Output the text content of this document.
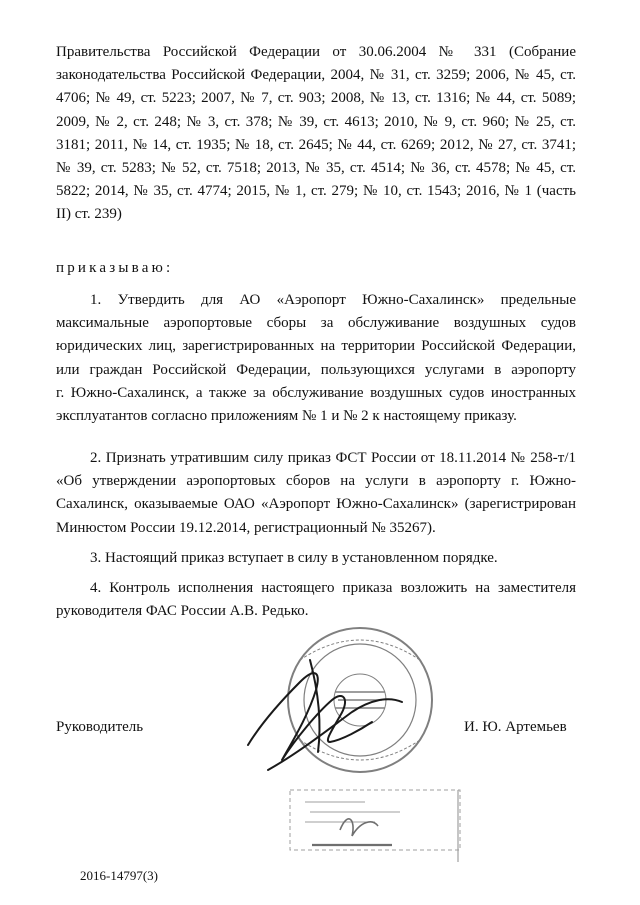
Правительства Российской Федерации от 30.06.2004 № 331 (Собрание
законодательства Российской Федерации, 2004, № 31, ст. 3259; 2006, № 45, ст.
4706; № 49, ст. 5223; 2007, № 7, ст. 903; 2008, № 13, ст. 1316; № 44, ст. 5089;
2009, № 2, ст. 248; № 3, ст. 378; № 39, ст. 4613; 2010, № 9, ст. 960; № 25, ст.
3181; 2011, № 14, ст. 1935; № 18, ст. 2645; № 44, ст. 6269; 2012, № 27, ст. 3741;
№ 39, ст. 5283; № 52, ст. 7518; 2013, № 35, ст. 4514; № 36, ст. 4578; № 45, ст.
5822; 2014, № 35, ст. 4774; 2015, № 1, ст. 279; № 10, ст. 1543; 2016, № 1 (часть
II) ст. 239)

приказываю:

1. Утвердить для АО «Аэропорт Южно-Сахалинск» предельные
максимальные аэропортовые сборы за обслуживание воздушных судов
юридических лиц, зарегистрированных на территории Российской Федерации,
или граждан Российской Федерации, пользующихся услугами в аэропорту
г. Южно-Сахалинск, а также за обслуживание воздушных судов иностранных
эксплуатантов согласно приложениям № 1 и № 2 к настоящему приказу.
2. Признать утратившим силу приказ ФСТ России от 18.11.2014 № 258-т/1
«Об утверждении аэропортовых сборов на услуги в аэропорту г. Южно-
Сахалинск, оказываемые ОАО «Аэропорт Южно-Сахалинск» (зарегистрирован
Минюстом России 19.12.2014, регистрационный № 35267).
3. Настоящий приказ вступает в силу в установленном порядке.
4. Контроль исполнения настоящего приказа возложить на заместителя
руководителя ФАС России А.В. Редько.

Руководитель	И. Ю. Артемьев

2016-14797(3)
